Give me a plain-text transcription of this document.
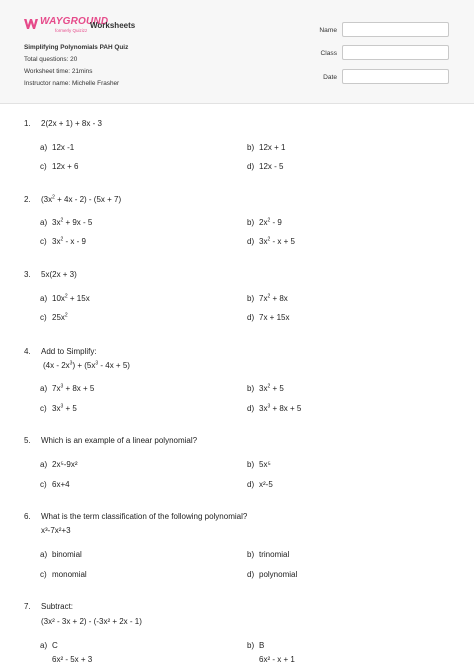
WAYGROUND
formerly Quizizz
Worksheets
Simplifying Polynomials PAH Quiz
Total questions: 20
Worksheet time: 21mins
Instructor name: Michelle Frasher
Name
Class
Date
1. 2(2x + 1) + 8x - 3
a) 12x -1	b) 12x + 1
c) 12x + 6	d) 12x - 5
2. $(3x^2 + 4x - 2) - (5x + 7)$
a) $3x^2 + 9x - 5$	b) $2x^2 - 9$
c) $3x^2$ - x - 9	d) $3x^2 - x + 5$
3. 5x(2x + 3)
a) $10x^2 + 15x$	b) $7x^2 + 8x$
c) $25x^2$	d) 7x + 15x
4. Add to Simplify:
$(4x - 2x^3) + (5x^3 - 4x + 5)$
a) $7x^3 + 8x + 5$	b) $3x^2 + 5$
c) $3x^3 + 5$	d) $3x^3 + 8x + 5$
5. Which is an example of a linear polynomial?
a) 2x⁵-9x²	b) 5x⁵
c) 6x+4	d) x²-5
6. What is the term classification of the following polynomial?
x³-7x²+3
a) binomial	b) trinomial
c) monomial	d) polynomial
7. Subtract:
(3x² - 3x + 2) - (-3x² + 2x - 1)
a) C
6x² - 5x + 3
b) B
6x² - x + 1
